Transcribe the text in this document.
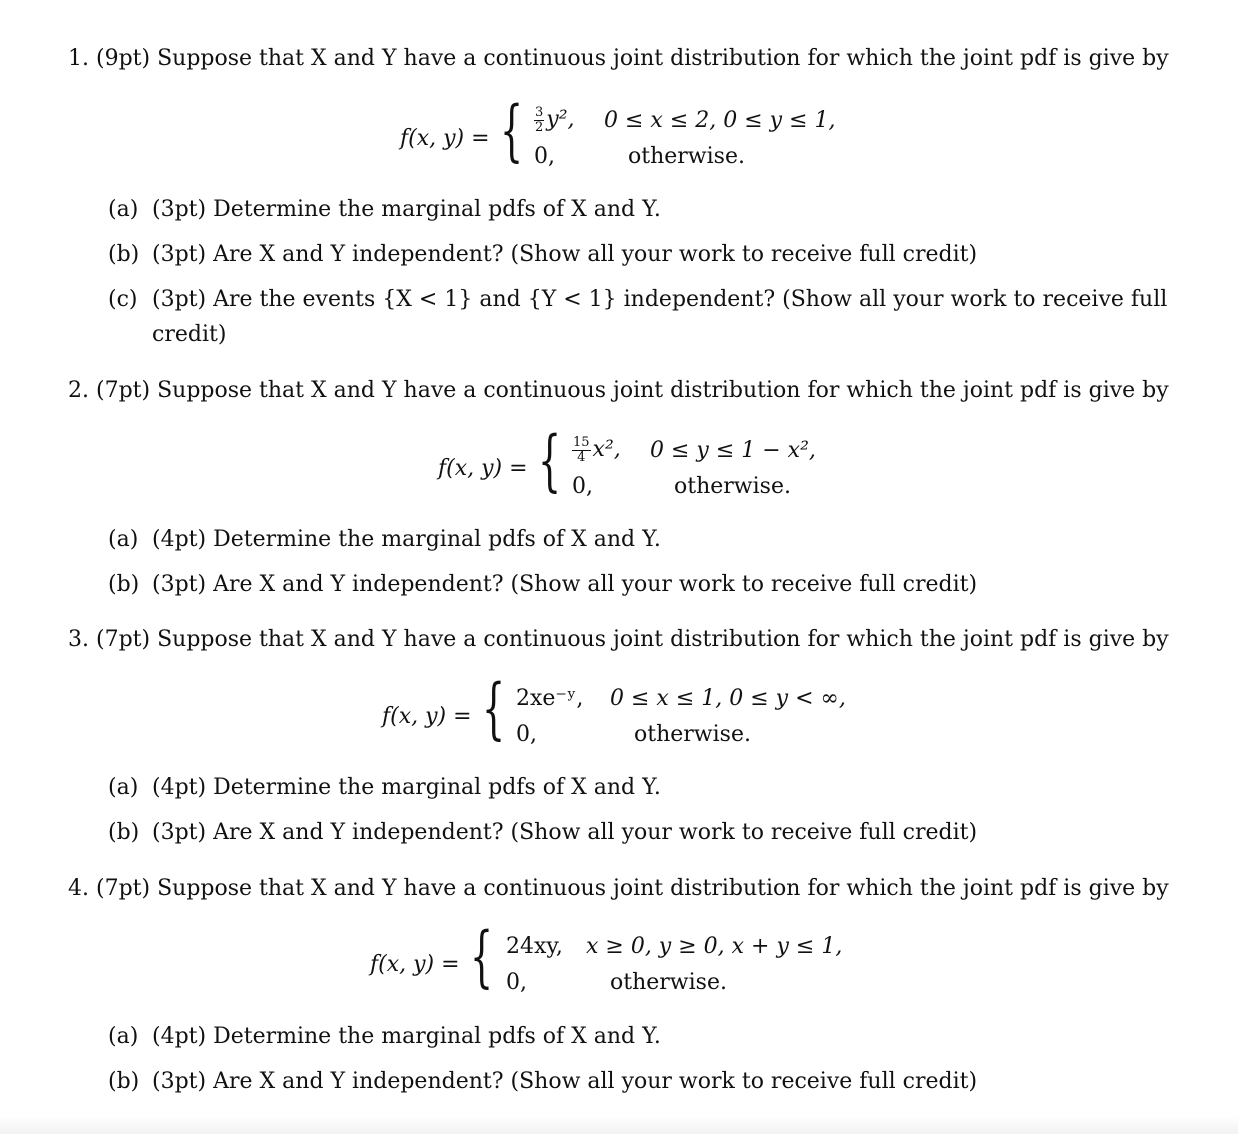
1. (9pt) Suppose that X and Y have a continuous joint distribution for which the joint pdf is give by
f(x, y) = { $\frac{3}{2} y^2$, 0 ≤ x ≤ 2, 0 ≤ y ≤ 1,
0,	otherwise.
(a) (3pt) Determine the marginal pdfs of X and Y.
(b) (3pt) Are X and Y independent? (Show all your work to receive full credit)
(c) (3pt) Are the events {X < 1} and {Y < 1} independent? (Show all your work to receive full
credit)
2. (7pt) Suppose that X and Y have a continuous joint distribution for which the joint pdf is give by
f(x, y) = { $\frac{15}{4} x^2$, 0 ≤ y ≤ 1 − x²,
0,	otherwise.
(a) (4pt) Determine the marginal pdfs of X and Y.
(b) (3pt) Are X and Y independent? (Show all your work to receive full credit)
3. (7pt) Suppose that X and Y have a continuous joint distribution for which the joint pdf is give by
f(x, y) = { 2xe⁻ʸ, 0 ≤ x ≤ 1, 0 ≤ y < ∞,
0,	otherwise.
(a) (4pt) Determine the marginal pdfs of X and Y.
(b) (3pt) Are X and Y independent? (Show all your work to receive full credit)
4. (7pt) Suppose that X and Y have a continuous joint distribution for which the joint pdf is give by
f(x, y) = { 24xy, x ≥ 0, y ≥ 0, x + y ≤ 1,
0,	otherwise.
(a) (4pt) Determine the marginal pdfs of X and Y.
(b) (3pt) Are X and Y independent? (Show all your work to receive full credit)
